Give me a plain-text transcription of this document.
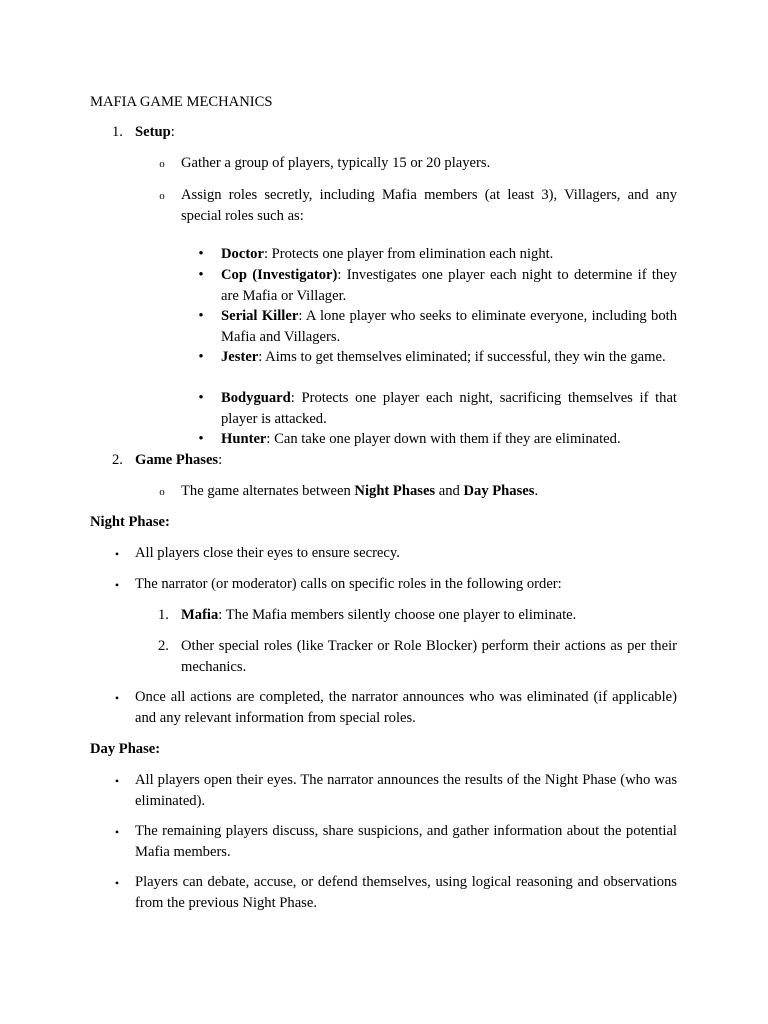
MAFIA GAME MECHANICS
1. Setup:
o Gather a group of players, typically 15 or 20 players.
o Assign roles secretly, including Mafia members (at least 3), Villagers, and any special roles such as:
•	Doctor: Protects one player from elimination each night.
•	Cop (Investigator): Investigates one player each night to determine if they are Mafia or Villager.
•	Serial Killer: A lone player who seeks to eliminate everyone, including both Mafia and Villagers.
•	Jester: Aims to get themselves eliminated; if successful, they win the game.
•	Bodyguard: Protects one player each night, sacrificing themselves if that player is attacked.
•	Hunter: Can take one player down with them if they are eliminated.
2. Game Phases:
o The game alternates between Night Phases and Day Phases.
Night Phase:
•	All players close their eyes to ensure secrecy.
•	The narrator (or moderator) calls on specific roles in the following order:
1. Mafia: The Mafia members silently choose one player to eliminate.
2. Other special roles (like Tracker or Role Blocker) perform their actions as per their mechanics.
•	Once all actions are completed, the narrator announces who was eliminated (if applicable) and any relevant information from special roles.
Day Phase:
•	All players open their eyes. The narrator announces the results of the Night Phase (who was eliminated).
•	The remaining players discuss, share suspicions, and gather information about the potential Mafia members.
•	Players can debate, accuse, or defend themselves, using logical reasoning and observations from the previous Night Phase.
